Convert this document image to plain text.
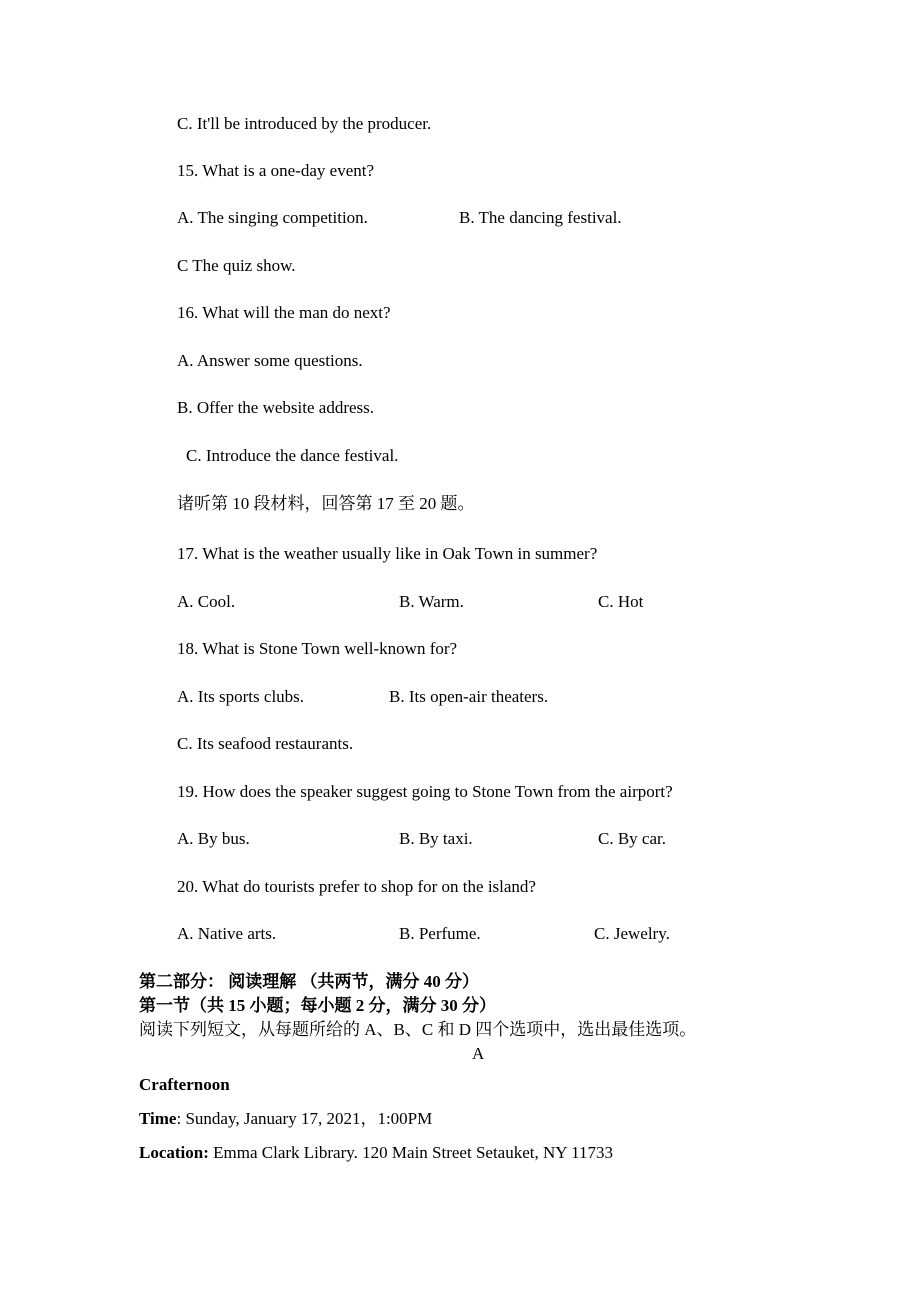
C. It'll be introduced by the producer.
15. What is a one-day event?
A. The singing competition.	B. The dancing festival.
C The quiz show.
16. What will the man do next?
A. Answer some questions.
B. Offer the website address.
C. Introduce the dance festival.
诸听第 10 段材料，回答第 17 至 20 题。
17. What is the weather usually like in Oak Town in summer?
A. Cool.	B. Warm.	C. Hot
18. What is Stone Town well-known for?
A. Its sports clubs.	B. Its open-air theaters.
C. Its seafood restaurants.
19. How does the speaker suggest going to Stone Town from the airport?
A. By bus.	B. By taxi.	C. By car.
20. What do tourists prefer to shop for on the island?
A. Native arts.	B. Perfume.	C. Jewelry.
第二部分： 阅读理解 （共两节，满分 40 分）
第一节（共 15 小题；每小题 2 分，满分 30 分）
阅读下列短文，从每题所给的 A、B、C 和 D 四个选项中，选出最佳选项。
A
Crafternoon
Time: Sunday, January 17, 2021，1:00PM
Location: Emma Clark Library. 120 Main Street Setauket, NY 11733
